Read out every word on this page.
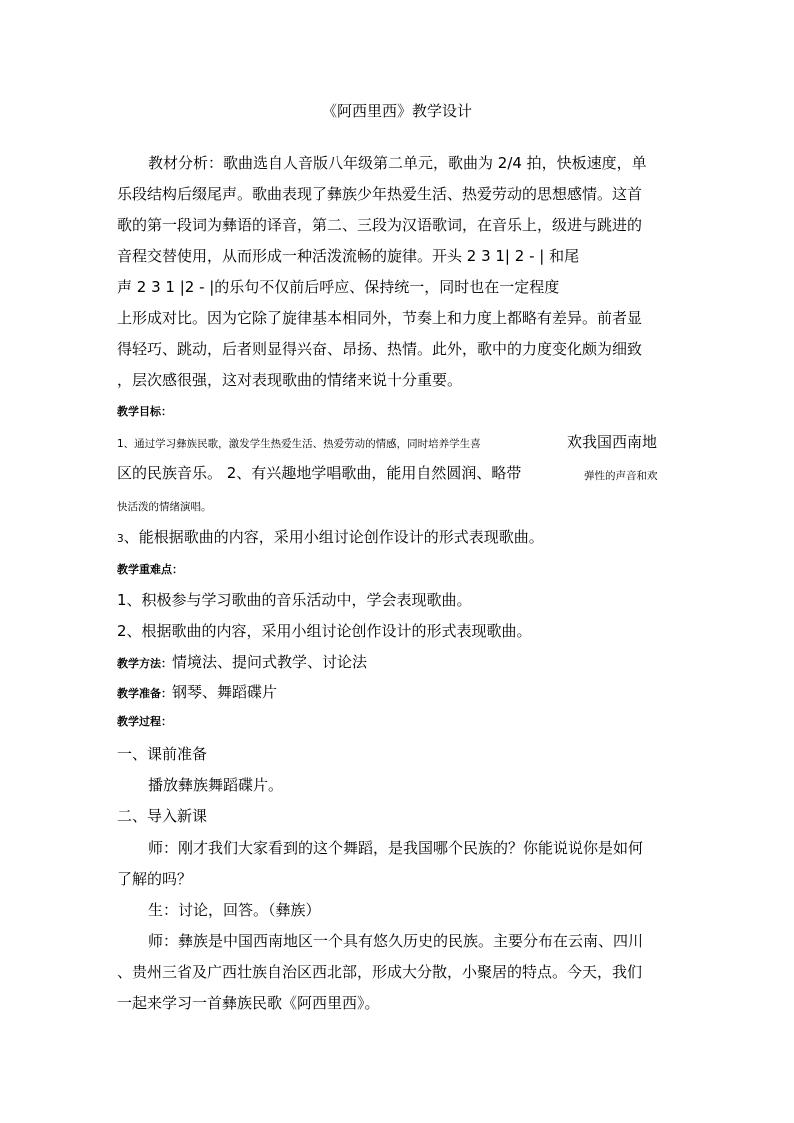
《阿西里西》教学设计
教材分析：歌曲选自人音版八年级第二单元，歌曲为 2/4 拍，快板速度，单
乐段结构后缀尾声。歌曲表现了彝族少年热爱生活、热爱劳动的思想感情。这首
歌的第一段词为彝语的译音，第二、三段为汉语歌词，在音乐上，级进与跳进的
音程交替使用，从而形成一种活泼流畅的旋律。开头 2 3 1| 2 - | 和尾
声 2 3 1 |2 - |的乐句不仅前后呼应、保持统一，同时也在一定程度
上形成对比。因为它除了旋律基本相同外，节奏上和力度上都略有差异。前者显
得轻巧、跳动，后者则显得兴奋、昂扬、热情。此外，歌中的力度变化颇为细致
，层次感很强，这对表现歌曲的情绪来说十分重要。
教学目标：
1、通过学习彝族民歌，激发学生热爱生活、热爱劳动的情感，同时培养学生喜	欢我国西南地
区的民族音乐。 2、有兴趣地学唱歌曲，能用自然圆润、略带	弹性的声音和欢
快活泼的情绪演唱。
3、能根据歌曲的内容，采用小组讨论创作设计的形式表现歌曲。
教学重难点：
1、积极参与学习歌曲的音乐活动中，学会表现歌曲。
2、根据歌曲的内容，采用小组讨论创作设计的形式表现歌曲。
教学方法：情境法、提问式教学、讨论法
教学准备：钢琴、舞蹈碟片
教学过程：
一、课前准备
播放彝族舞蹈碟片。
二、导入新课
师：刚才我们大家看到的这个舞蹈，是我国哪个民族的？你能说说你是如何
了解的吗？
生：讨论，回答。（彝族）
师：彝族是中国西南地区一个具有悠久历史的民族。主要分布在云南、四川
、贵州三省及广西壮族自治区西北部，形成大分散，小聚居的特点。今天，我们
一起来学习一首彝族民歌《阿西里西》。
